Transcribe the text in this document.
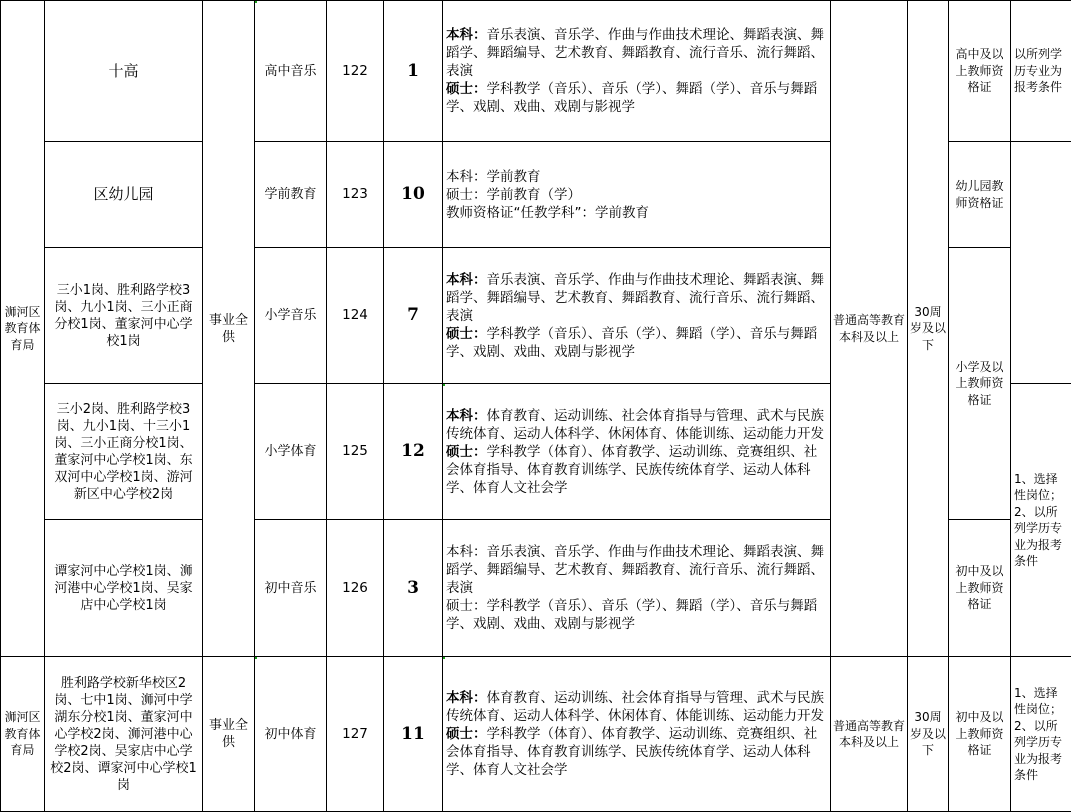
浉河区教育体育局	十高	事业全供	高中音乐	122	1	本科：音乐表演、音乐学、作曲与作曲技术理论、舞蹈表演、舞蹈学、舞蹈编导、艺术教育、舞蹈教育、流行音乐、流行舞蹈、表演
硕士：学科教学（音乐）、音乐（学）、舞蹈（学）、音乐与舞蹈学、戏剧、戏曲、戏剧与影视学	普通高等教育本科及以上	30周岁及以下	高中及以上教师资格证	以所列学历专业为报考条件
	区幼儿园		学前教育	123	10	本科：学前教育
硕士：学前教育（学）
教师资格证“任教学科”：学前教育			幼儿园教师资格证	
	三小1岗、胜利路学校3岗、九小1岗、三小正商分校1岗、董家河中心学校1岗		小学音乐	124	7	本科：音乐表演、音乐学、作曲与作曲技术理论、舞蹈表演、舞蹈学、舞蹈编导、艺术教育、舞蹈教育、流行音乐、流行舞蹈、表演
硕士：学科教学（音乐）、音乐（学）、舞蹈（学）、音乐与舞蹈学、戏剧、戏曲、戏剧与影视学			小学及以上教师资格证	
	三小2岗、胜利路学校3岗、九小1岗、十三小1岗、三小正商分校1岗、董家河中心学校1岗、东双河中心学校1岗、游河新区中心学校2岗		小学体育	125	12	本科：体育教育、运动训练、社会体育指导与管理、武术与民族传统体育、运动人体科学、休闲体育、体能训练、运动能力开发
硕士：学科教学（体育）、体育教学、运动训练、竞赛组织、社会体育指导、体育教育训练学、民族传统体育学、运动人体科学、体育人文社会学				1、选择性岗位；2、以所列学历专业为报考条件
	谭家河中心学校1岗、浉河港中心学校1岗、吴家店中心学校1岗		初中音乐	126	3	本科：音乐表演、音乐学、作曲与作曲技术理论、舞蹈表演、舞蹈学、舞蹈编导、艺术教育、舞蹈教育、流行音乐、流行舞蹈、表演
硕士：学科教学（音乐）、音乐（学）、舞蹈（学）、音乐与舞蹈学、戏剧、戏曲、戏剧与影视学			初中及以上教师资格证	
浉河区教育体育局	胜利路学校新华校区2岗、七中1岗、浉河中学湖东分校1岗、董家河中心学校2岗、浉河港中心学校2岗、吴家店中心学校2岗、谭家河中心学校1岗	事业全供	初中体育	127	11	本科：体育教育、运动训练、社会体育指导与管理、武术与民族传统体育、运动人体科学、休闲体育、体能训练、运动能力开发
硕士：学科教学（体育）、体育教学、运动训练、竞赛组织、社会体育指导、体育教育训练学、民族传统体育学、运动人体科学、体育人文社会学	普通高等教育本科及以上	30周岁及以下	初中及以上教师资格证	1、选择性岗位；2、以所列学历专业为报考条件
